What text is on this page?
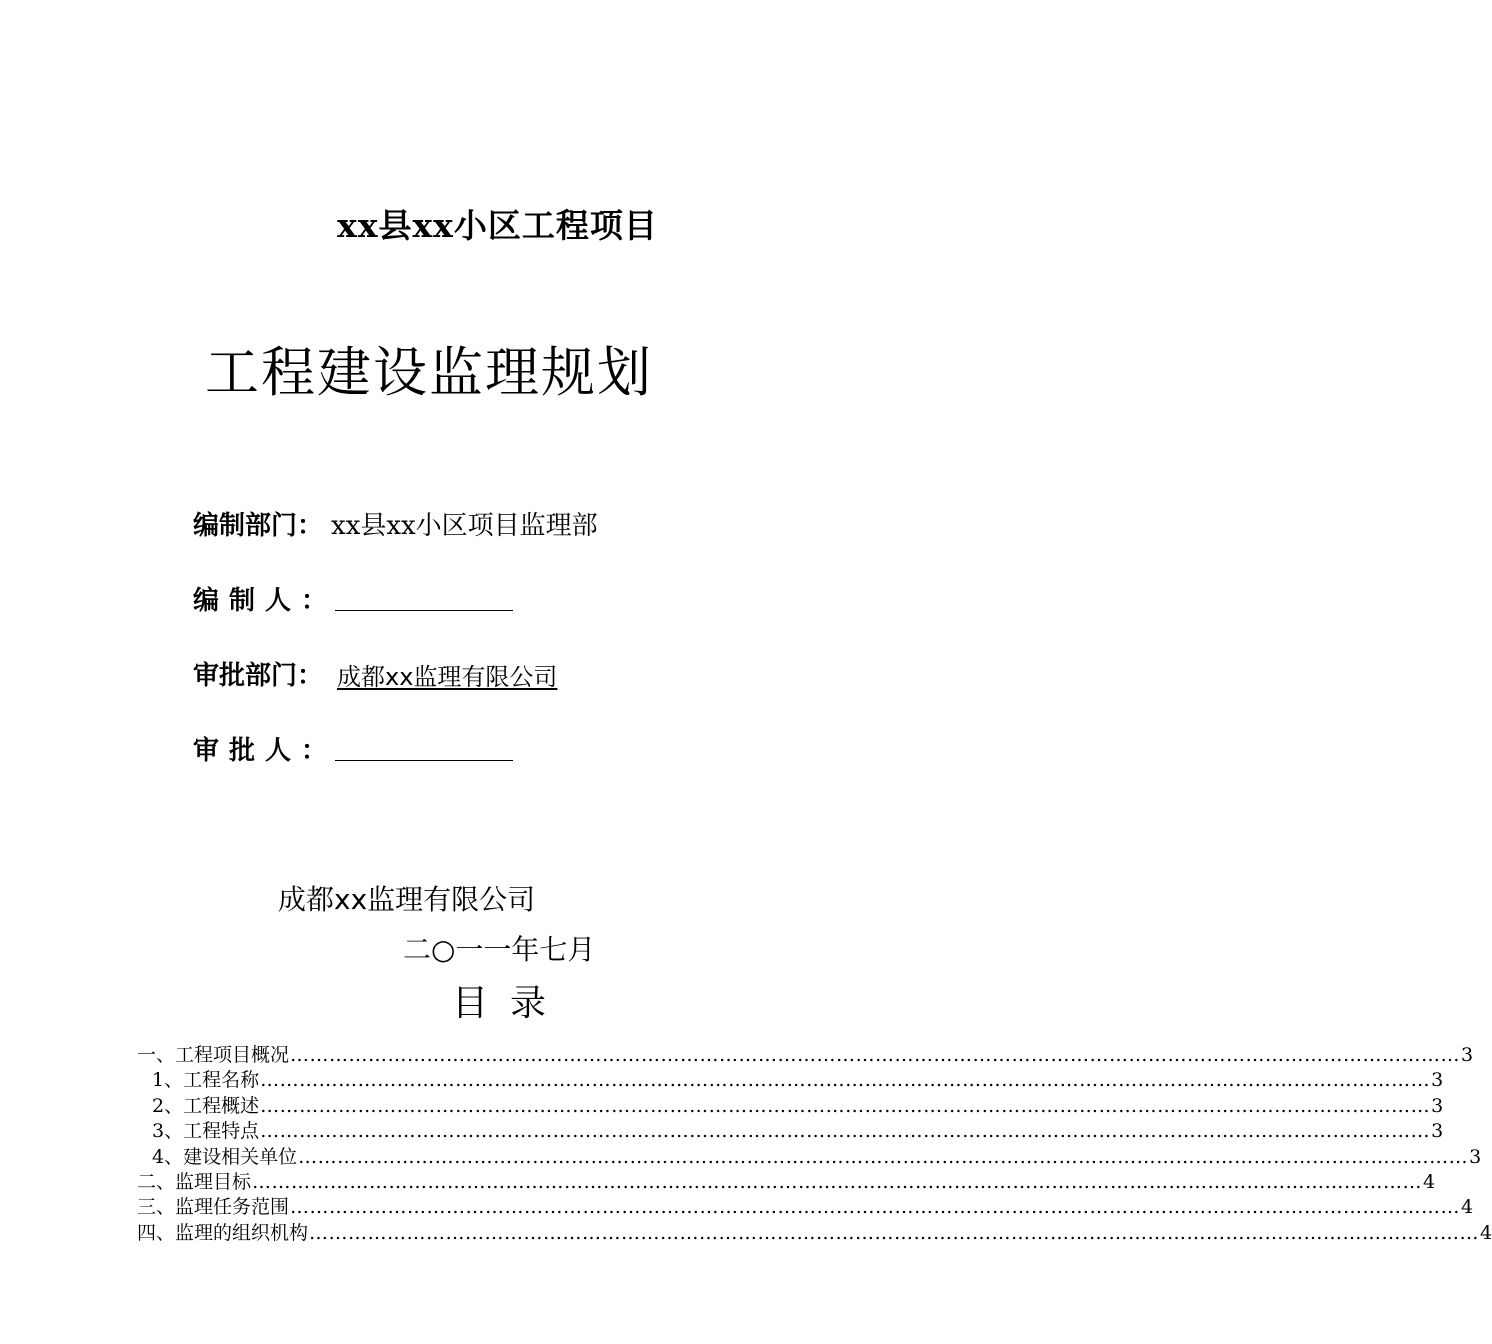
xx县xx小区工程项目
工程建设监理规划
编制部门： xx县xx小区项目监理部
编制人：
审批部门： 成都xx监理有限公司
审批人：
成都xx监理有限公司
二○一一年七月
目录
一、工程项目概况 ……………………………………………………………………………………………………………………………………………………………… 3
1、工程名称 ……………………………………………………………………………………………………………………………………………………………… 3
2、工程概述 ……………………………………………………………………………………………………………………………………………………………… 3
3、工程特点 ……………………………………………………………………………………………………………………………………………………………… 3
4、建设相关单位 ……………………………………………………………………………………………………………………………………………………………… 3
二、监理目标 ……………………………………………………………………………………………………………………………………………………………… 4
三、监理任务范围 ……………………………………………………………………………………………………………………………………………………………… 4
四、监理的组织机构 ……………………………………………………………………………………………………………………………………………………………… 4
